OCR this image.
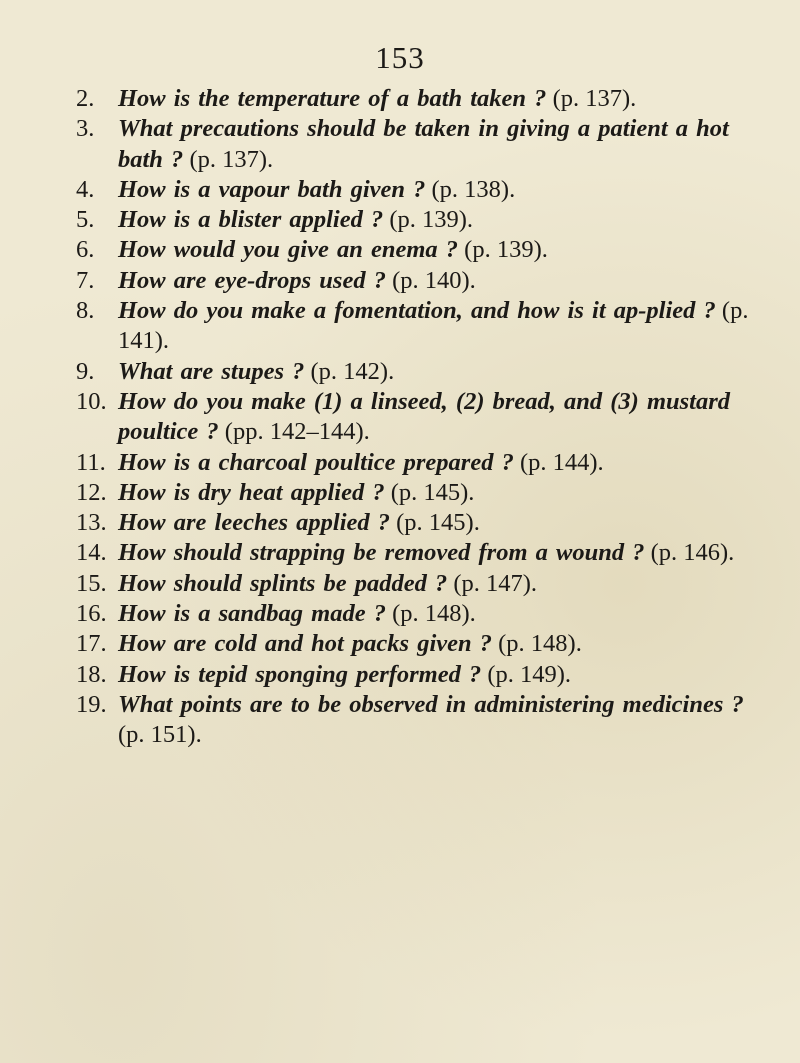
153
2. How is the temperature of a bath taken ? (p. 137).
3. What precautions should be taken in giving a patient a hot bath ? (p. 137).
4. How is a vapour bath given ? (p. 138).
5. How is a blister applied ? (p. 139).
6. How would you give an enema ? (p. 139).
7. How are eye-drops used ? (p. 140).
8. How do you make a fomentation, and how is it ap-plied ? (p. 141).
9. What are stupes ? (p. 142).
10. How do you make (1) a linseed, (2) bread, and (3) mustard poultice ? (pp. 142–144).
11. How is a charcoal poultice prepared ? (p. 144).
12. How is dry heat applied ? (p. 145).
13. How are leeches applied ? (p. 145).
14. How should strapping be removed from a wound ? (p. 146).
15. How should splints be padded ? (p. 147).
16. How is a sandbag made ? (p. 148).
17. How are cold and hot packs given ? (p. 148).
18. How is tepid sponging performed ? (p. 149).
19. What points are to be observed in administering medicines ? (p. 151).
